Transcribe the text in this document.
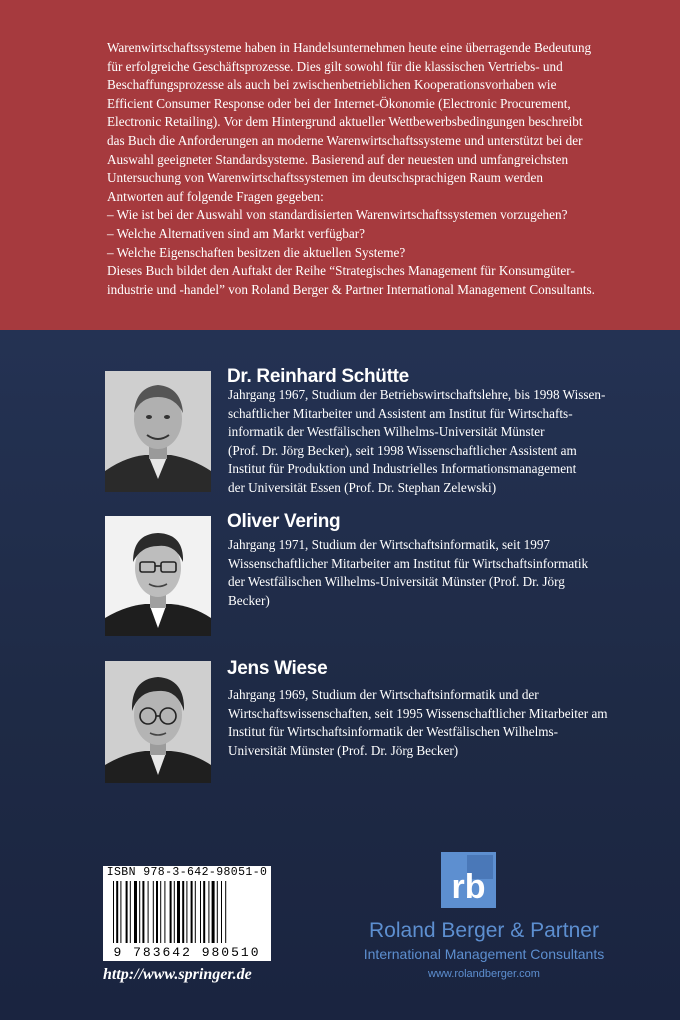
Warenwirtschaftssysteme haben in Handelsunternehmen heute eine überragende Bedeutung
für erfolgreiche Geschäftsprozesse. Dies gilt sowohl für die klassischen Vertriebs- und
Beschaffungsprozesse als auch bei zwischenbetrieblichen Kooperationsvorhaben wie
Efficient Consumer Response oder bei der Internet-Ökonomie (Electronic Procurement,
Electronic Retailing). Vor dem Hintergrund aktueller Wettbewerbsbedingungen beschreibt
das Buch die Anforderungen an moderne Warenwirtschaftssysteme und unterstützt bei der
Auswahl geeigneter Standardsysteme. Basierend auf der neuesten und umfangreichsten
Untersuchung von Warenwirtschaftssystemen im deutschsprachigen Raum werden
Antworten auf folgende Fragen gegeben:
– Wie ist bei der Auswahl von standardisierten Warenwirtschaftssystemen vorzugehen?
– Welche Alternativen sind am Markt verfügbar?
– Welche Eigenschaften besitzen die aktuellen Systeme?
Dieses Buch bildet den Auftakt der Reihe “Strategisches Management für Konsumgüter-
industrie und -handel” von Roland Berger & Partner International Management Consultants.
Dr. Reinhard Schütte
Jahrgang 1967, Studium der Betriebswirtschaftslehre, bis 1998 Wissen-
schaftlicher Mitarbeiter und Assistent am Institut für Wirtschafts-
informatik der Westfälischen Wilhelms-Universität Münster
(Prof. Dr. Jörg Becker), seit 1998 Wissenschaftlicher Assistent am
Institut für Produktion und Industrielles Informationsmanagement
der Universität Essen (Prof. Dr. Stephan Zelewski)
Oliver Vering
Jahrgang 1971, Studium der Wirtschaftsinformatik, seit 1997
Wissenschaftlicher Mitarbeiter am Institut für Wirtschaftsinformatik
der Westfälischen Wilhelms-Universität Münster (Prof. Dr. Jörg
Becker)
Jens Wiese
Jahrgang 1969, Studium der Wirtschaftsinformatik und der
Wirtschaftswissenschaften, seit 1995 Wissenschaftlicher Mitarbeiter am
Institut für Wirtschaftsinformatik der Westfälischen Wilhelms-
Universität Münster (Prof. Dr. Jörg Becker)
ISBN 978-3-642-98051-0
9 783642 980510
http://www.springer.de
rb
Roland Berger & Partner
International Management Consultants
www.rolandberger.com
